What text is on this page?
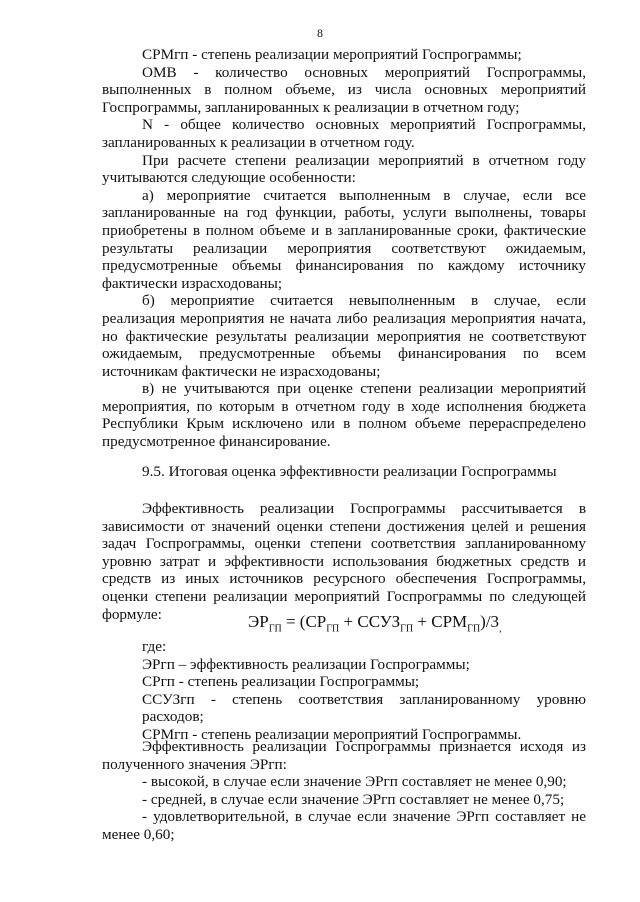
8

СРМгп - степень реализации мероприятий Госпрограммы;

ОМВ - количество основных мероприятий Госпрограммы, выполненных в полном объеме, из числа основных мероприятий Госпрограммы, запланированных к реализации в отчетном году;

N - общее количество основных мероприятий Госпрограммы, запланированных к реализации в отчетном году.

При расчете степени реализации мероприятий в отчетном году учитываются следующие особенности:

а) мероприятие считается выполненным в случае, если все запланированные на год функции, работы, услуги выполнены, товары приобретены в полном объеме и в запланированные сроки, фактические результаты реализации мероприятия соответствуют ожидаемым, предусмотренные объемы финансирования по каждому источнику фактически израсходованы;

б) мероприятие считается невыполненным в случае, если реализация мероприятия не начата либо реализация мероприятия начата, но фактические результаты реализации мероприятия не соответствуют ожидаемым, предусмотренные объемы финансирования по всем источникам фактически не израсходованы;

в) не учитываются при оценке степени реализации мероприятий мероприятия, по которым в отчетном году в ходе исполнения бюджета Республики Крым исключено или в полном объеме перераспределено предусмотренное финансирование.

9.5. Итоговая оценка эффективности реализации Госпрограммы

Эффективность реализации Госпрограммы рассчитывается в зависимости от значений оценки степени достижения целей и решения задач Госпрограммы, оценки степени соответствия запланированному уровню затрат и эффективности использования бюджетных средств и средств из иных источников ресурсного обеспечения Госпрограммы, оценки степени реализации мероприятий Госпрограммы по следующей формуле:	$ЭР_{ГП} = (СР_{ГП}$ + $ССУЗ_{ГП} + СРМ_{ГП})/3_,$

где:

ЭРгп – эффективность реализации Госпрограммы;

СРгп - степень реализации Госпрограммы;

ССУЗгп - степень соответствия запланированному уровню расходов;

СРМгп - степень реализации мероприятий Госпрограммы.

Эффективность реализации Госпрограммы признается исходя из полученного значения ЭРгп:

- высокой, в случае если значение ЭРгп составляет не менее 0,90;

- средней, в случае если значение ЭРгп составляет не менее 0,75;

- удовлетворительной, в случае если значение ЭРгп составляет не менее 0,60;
